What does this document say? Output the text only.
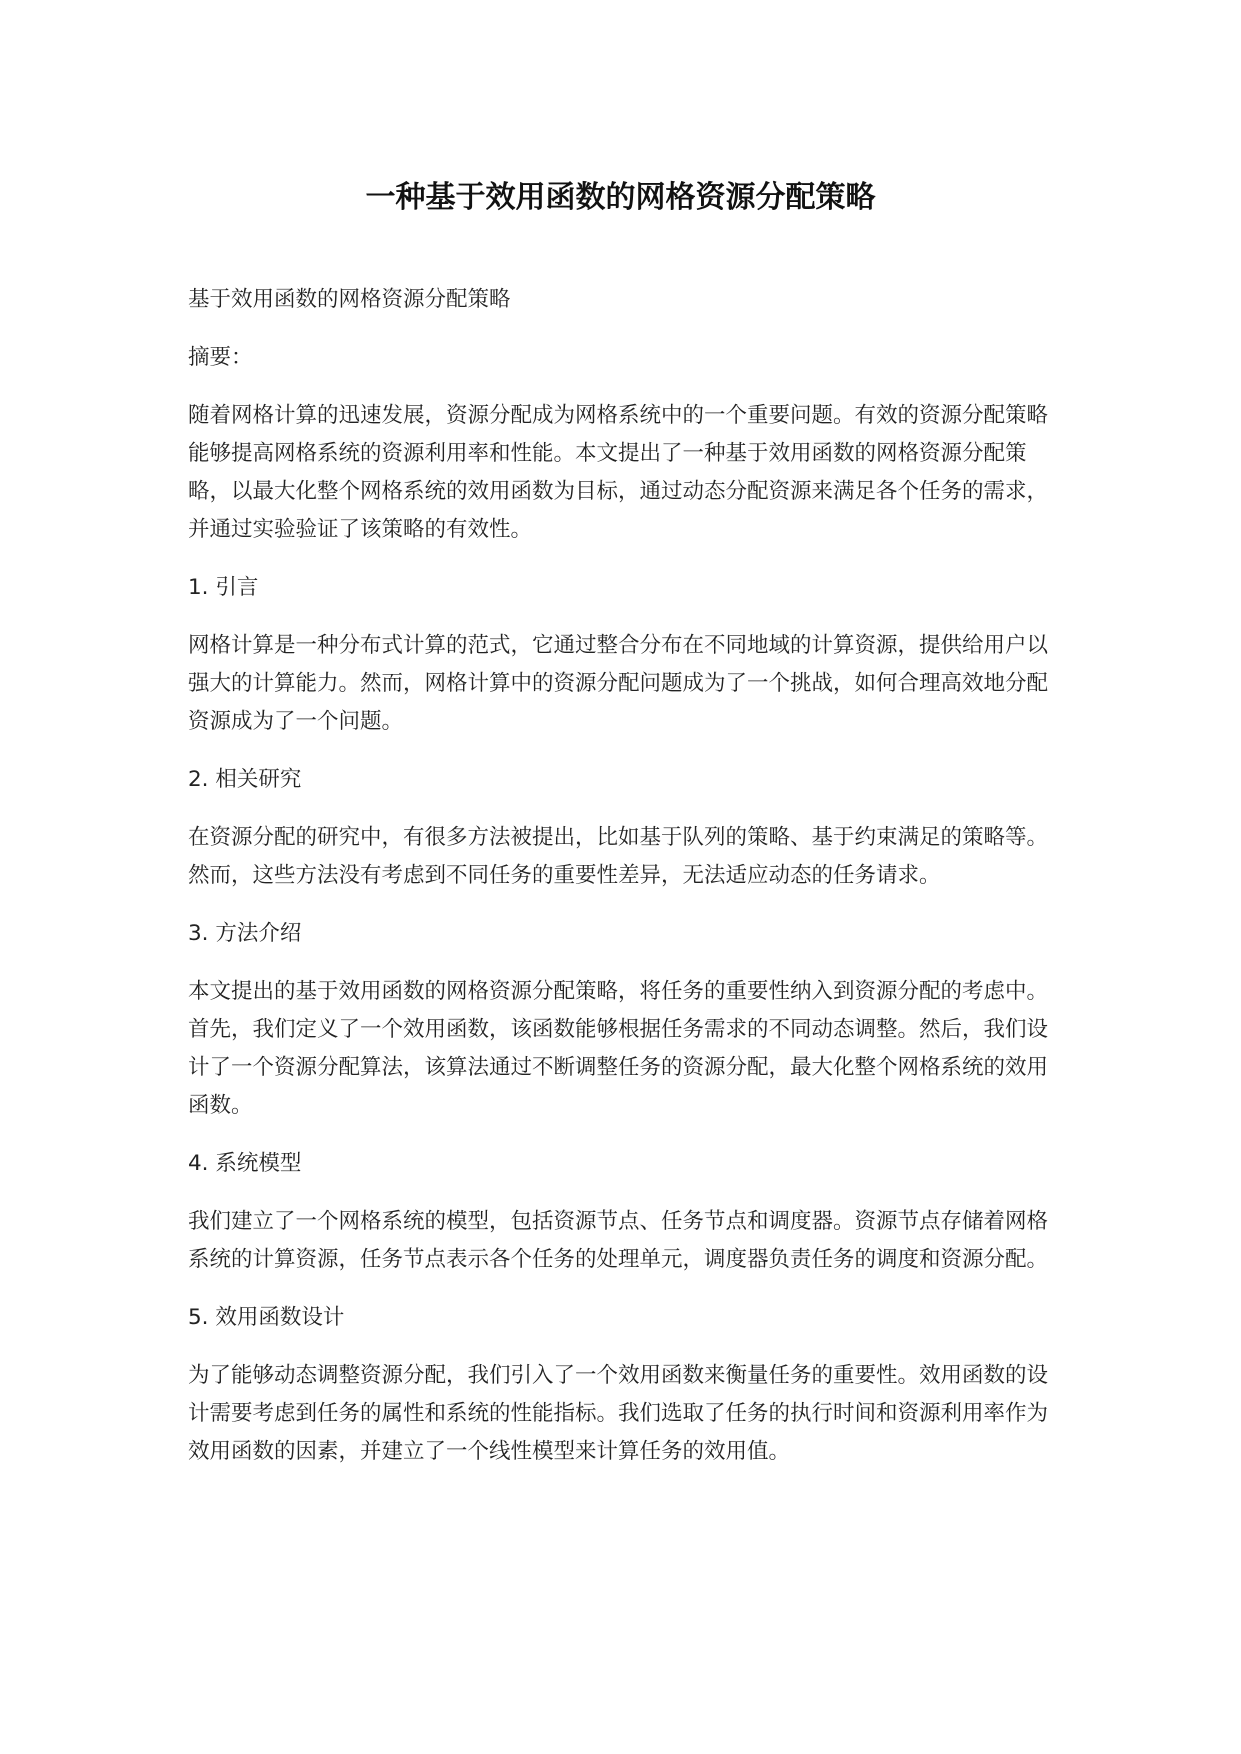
一种基于效用函数的网格资源分配策略

基于效用函数的网格资源分配策略

摘要：

随着网格计算的迅速发展，资源分配成为网格系统中的一个重要问题。有效的资源分配策略能够提高网格系统的资源利用率和性能。本文提出了一种基于效用函数的网格资源分配策略，以最大化整个网格系统的效用函数为目标，通过动态分配资源来满足各个任务的需求，并通过实验验证了该策略的有效性。

1. 引言

网格计算是一种分布式计算的范式，它通过整合分布在不同地域的计算资源，提供给用户以强大的计算能力。然而，网格计算中的资源分配问题成为了一个挑战，如何合理高效地分配资源成为了一个问题。

2. 相关研究

在资源分配的研究中，有很多方法被提出，比如基于队列的策略、基于约束满足的策略等。然而，这些方法没有考虑到不同任务的重要性差异，无法适应动态的任务请求。

3. 方法介绍

本文提出的基于效用函数的网格资源分配策略，将任务的重要性纳入到资源分配的考虑中。首先，我们定义了一个效用函数，该函数能够根据任务需求的不同动态调整。然后，我们设计了一个资源分配算法，该算法通过不断调整任务的资源分配，最大化整个网格系统的效用函数。

4. 系统模型

我们建立了一个网格系统的模型，包括资源节点、任务节点和调度器。资源节点存储着网格系统的计算资源，任务节点表示各个任务的处理单元，调度器负责任务的调度和资源分配。

5. 效用函数设计

为了能够动态调整资源分配，我们引入了一个效用函数来衡量任务的重要性。效用函数的设计需要考虑到任务的属性和系统的性能指标。我们选取了任务的执行时间和资源利用率作为效用函数的因素，并建立了一个线性模型来计算任务的效用值。
